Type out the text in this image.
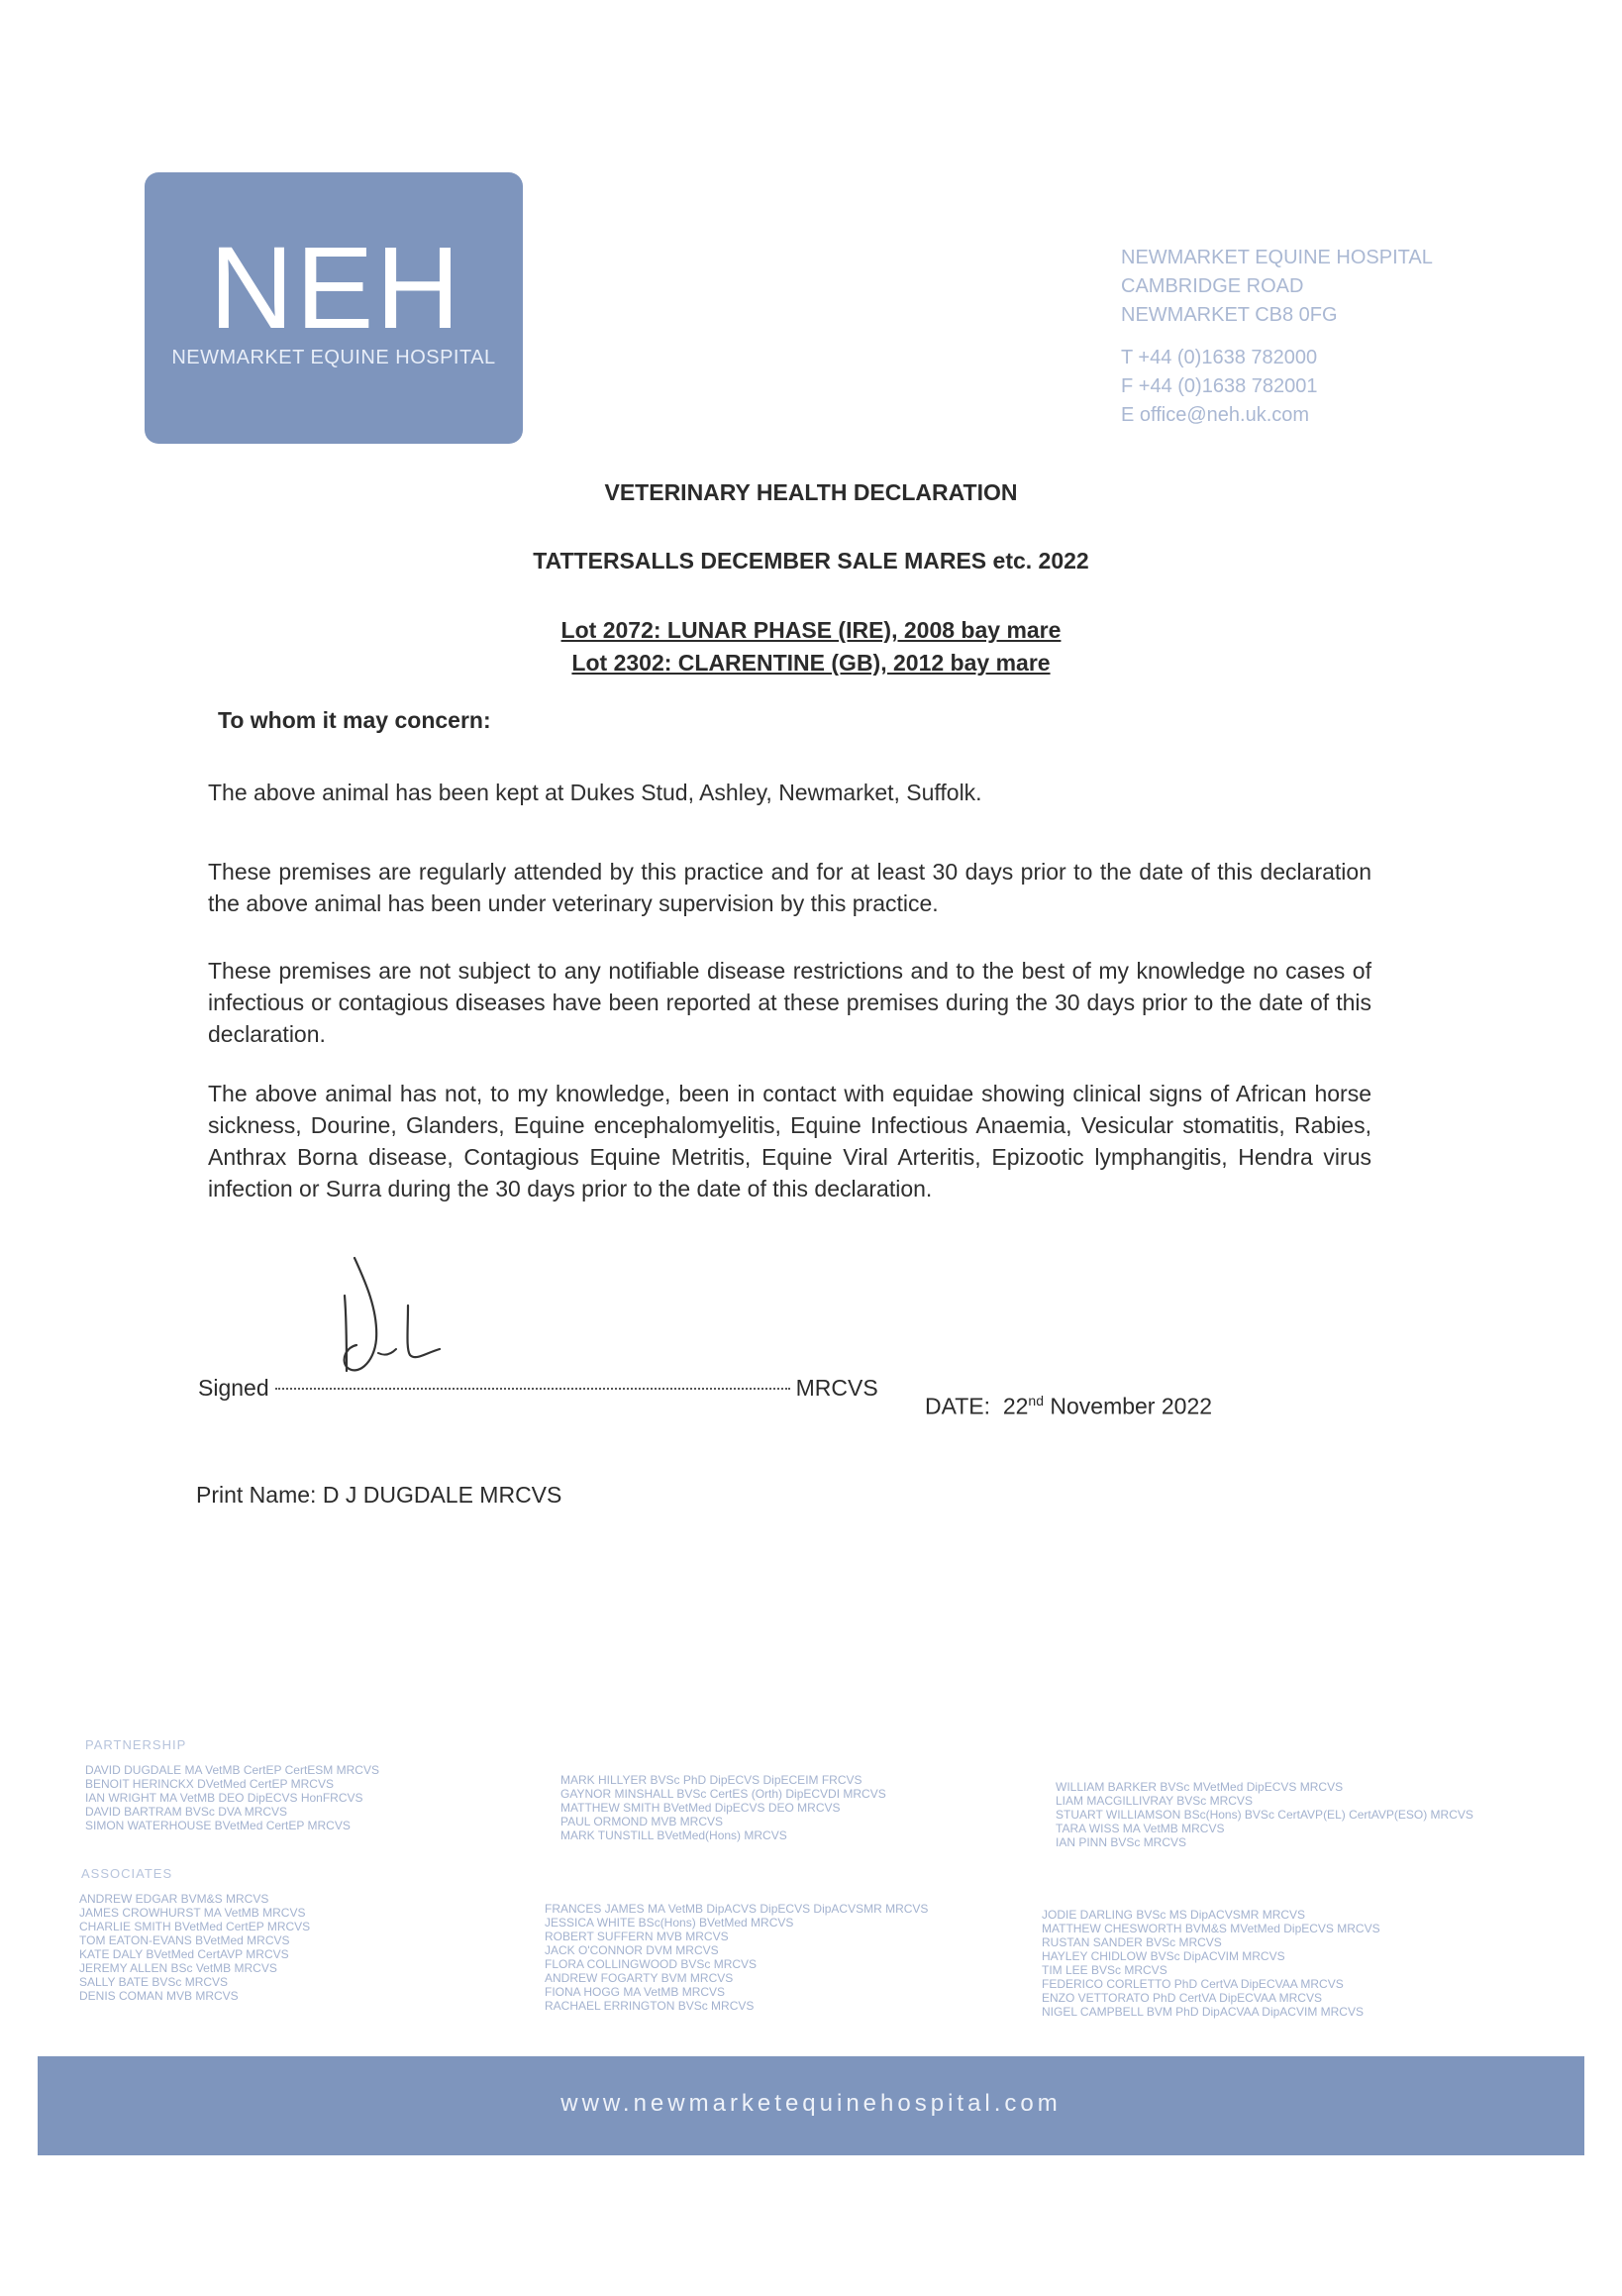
NEH
NEWMARKET EQUINE HOSPITAL
NEWMARKET EQUINE HOSPITAL
CAMBRIDGE ROAD
NEWMARKET CB8 0FG
T +44 (0)1638 782000
F +44 (0)1638 782001
E office@neh.uk.com
VETERINARY HEALTH DECLARATION
TATTERSALLS DECEMBER SALE MARES etc. 2022
Lot 2072: LUNAR PHASE (IRE), 2008 bay mare
Lot 2302: CLARENTINE (GB), 2012 bay mare
To whom it may concern:
The above animal has been kept at Dukes Stud, Ashley, Newmarket, Suffolk.
These premises are regularly attended by this practice and for at least 30 days prior to the date of this declaration the above animal has been under veterinary supervision by this practice.
These premises are not subject to any notifiable disease restrictions and to the best of my knowledge no cases of infectious or contagious diseases have been reported at these premises during the 30 days prior to the date of this declaration.
The above animal has not, to my knowledge, been in contact with equidae showing clinical signs of African horse sickness, Dourine, Glanders, Equine encephalomyelitis, Equine Infectious Anaemia, Vesicular stomatitis, Rabies, Anthrax Borna disease, Contagious Equine Metritis, Equine Viral Arteritis, Epizootic lymphangitis, Hendra virus infection or Surra during the 30 days prior to the date of this declaration.
Signed	MRCVS
DATE: 22nd November 2022
Print Name: D J DUGDALE MRCVS
PARTNERSHIP
DAVID DUGDALE MA VetMB CertEP CertESM MRCVS
BENOIT HERINCKX DVetMed CertEP MRCVS
IAN WRIGHT MA VetMB DEO DipECVS HonFRCVS
DAVID BARTRAM BVSc DVA MRCVS
SIMON WATERHOUSE BVetMed CertEP MRCVS
MARK HILLYER BVSc PhD DipECVS DipECEIM FRCVS
GAYNOR MINSHALL BVSc CertES (Orth) DipECVDI MRCVS
MATTHEW SMITH BVetMed DipECVS DEO MRCVS
PAUL ORMOND MVB MRCVS
MARK TUNSTILL BVetMed(Hons) MRCVS
WILLIAM BARKER BVSc MVetMed DipECVS MRCVS
LIAM MACGILLIVRAY BVSc MRCVS
STUART WILLIAMSON BSc(Hons) BVSc CertAVP(EL) CertAVP(ESO) MRCVS
TARA WISS MA VetMB MRCVS
IAN PINN BVSc MRCVS
ASSOCIATES
ANDREW EDGAR BVM&S MRCVS
JAMES CROWHURST MA VetMB MRCVS
CHARLIE SMITH BVetMed CertEP MRCVS
TOM EATON-EVANS BVetMed MRCVS
KATE DALY BVetMed CertAVP MRCVS
JEREMY ALLEN BSc VetMB MRCVS
SALLY BATE BVSc MRCVS
DENIS COMAN MVB MRCVS
FRANCES JAMES MA VetMB DipACVS DipECVS DipACVSMR MRCVS
JESSICA WHITE BSc(Hons) BVetMed MRCVS
ROBERT SUFFERN MVB MRCVS
JACK O'CONNOR DVM MRCVS
FLORA COLLINGWOOD BVSc MRCVS
ANDREW FOGARTY BVM MRCVS
FIONA HOGG MA VetMB MRCVS
RACHAEL ERRINGTON BVSc MRCVS
JODIE DARLING BVSc MS DipACVSMR MRCVS
MATTHEW CHESWORTH BVM&S MVetMed DipECVS MRCVS
RUSTAN SANDER BVSc MRCVS
HAYLEY CHIDLOW BVSc DipACVIM MRCVS
TIM LEE BVSc MRCVS
FEDERICO CORLETTO PhD CertVA DipECVAA MRCVS
ENZO VETTORATO PhD CertVA DipECVAA MRCVS
NIGEL CAMPBELL BVM PhD DipACVAA DipACVIM MRCVS
www.newmarketequinehospital.com
